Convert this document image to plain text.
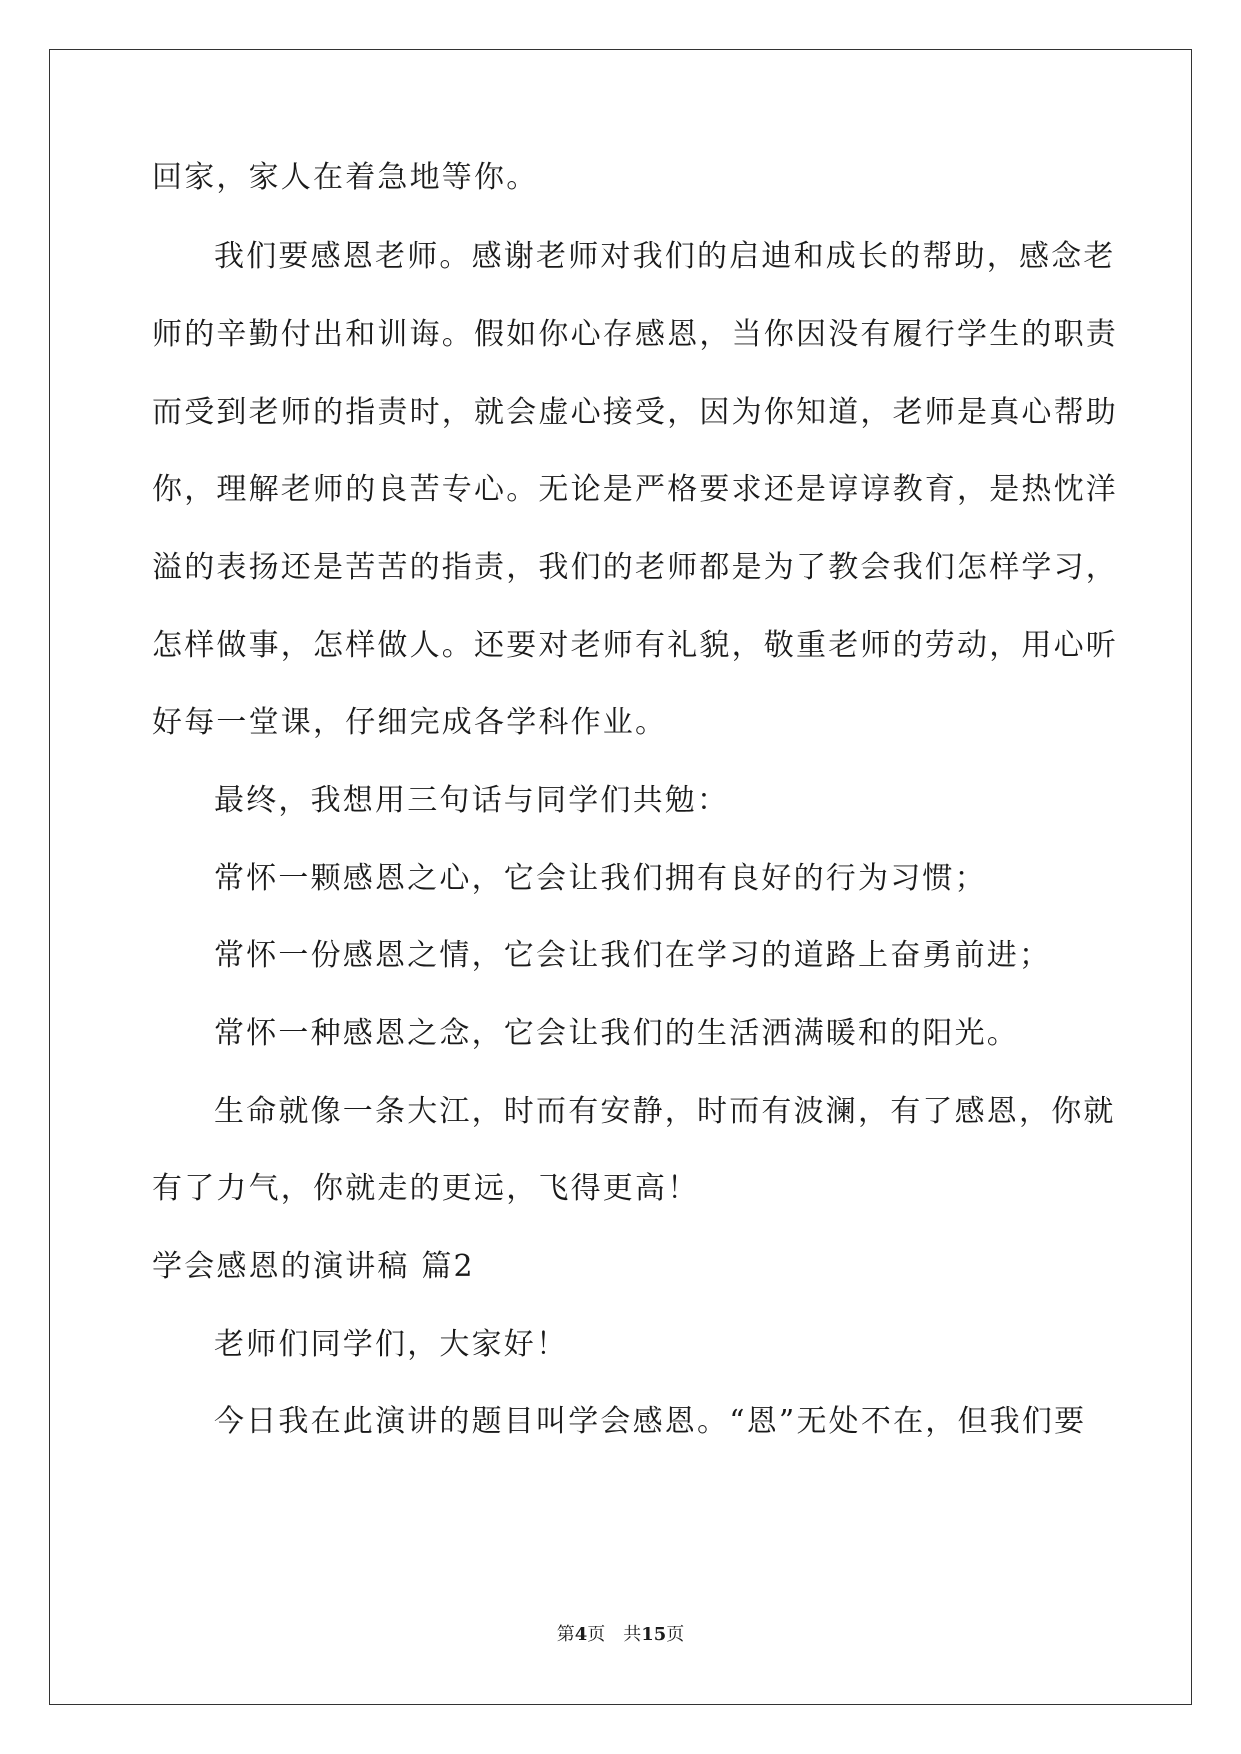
回家，家人在着急地等你。
我们要感恩老师。感谢老师对我们的启迪和成长的帮助，感念老
师的辛勤付出和训诲。假如你心存感恩，当你因没有履行学生的职责
而受到老师的指责时，就会虚心接受，因为你知道，老师是真心帮助
你，理解老师的良苦专心。无论是严格要求还是谆谆教育，是热忱洋
溢的表扬还是苦苦的指责，我们的老师都是为了教会我们怎样学习，
怎样做事，怎样做人。还要对老师有礼貌，敬重老师的劳动，用心听
好每一堂课，仔细完成各学科作业。
最终，我想用三句话与同学们共勉：
常怀一颗感恩之心，它会让我们拥有良好的行为习惯；
常怀一份感恩之情，它会让我们在学习的道路上奋勇前进；
常怀一种感恩之念，它会让我们的生活洒满暖和的阳光。
生命就像一条大江，时而有安静，时而有波澜，有了感恩，你就
有了力气，你就走的更远，飞得更高！
学会感恩的演讲稿 篇2
老师们同学们，大家好！
今日我在此演讲的题目叫学会感恩。“恩”无处不在，但我们要
第4页　共15页
